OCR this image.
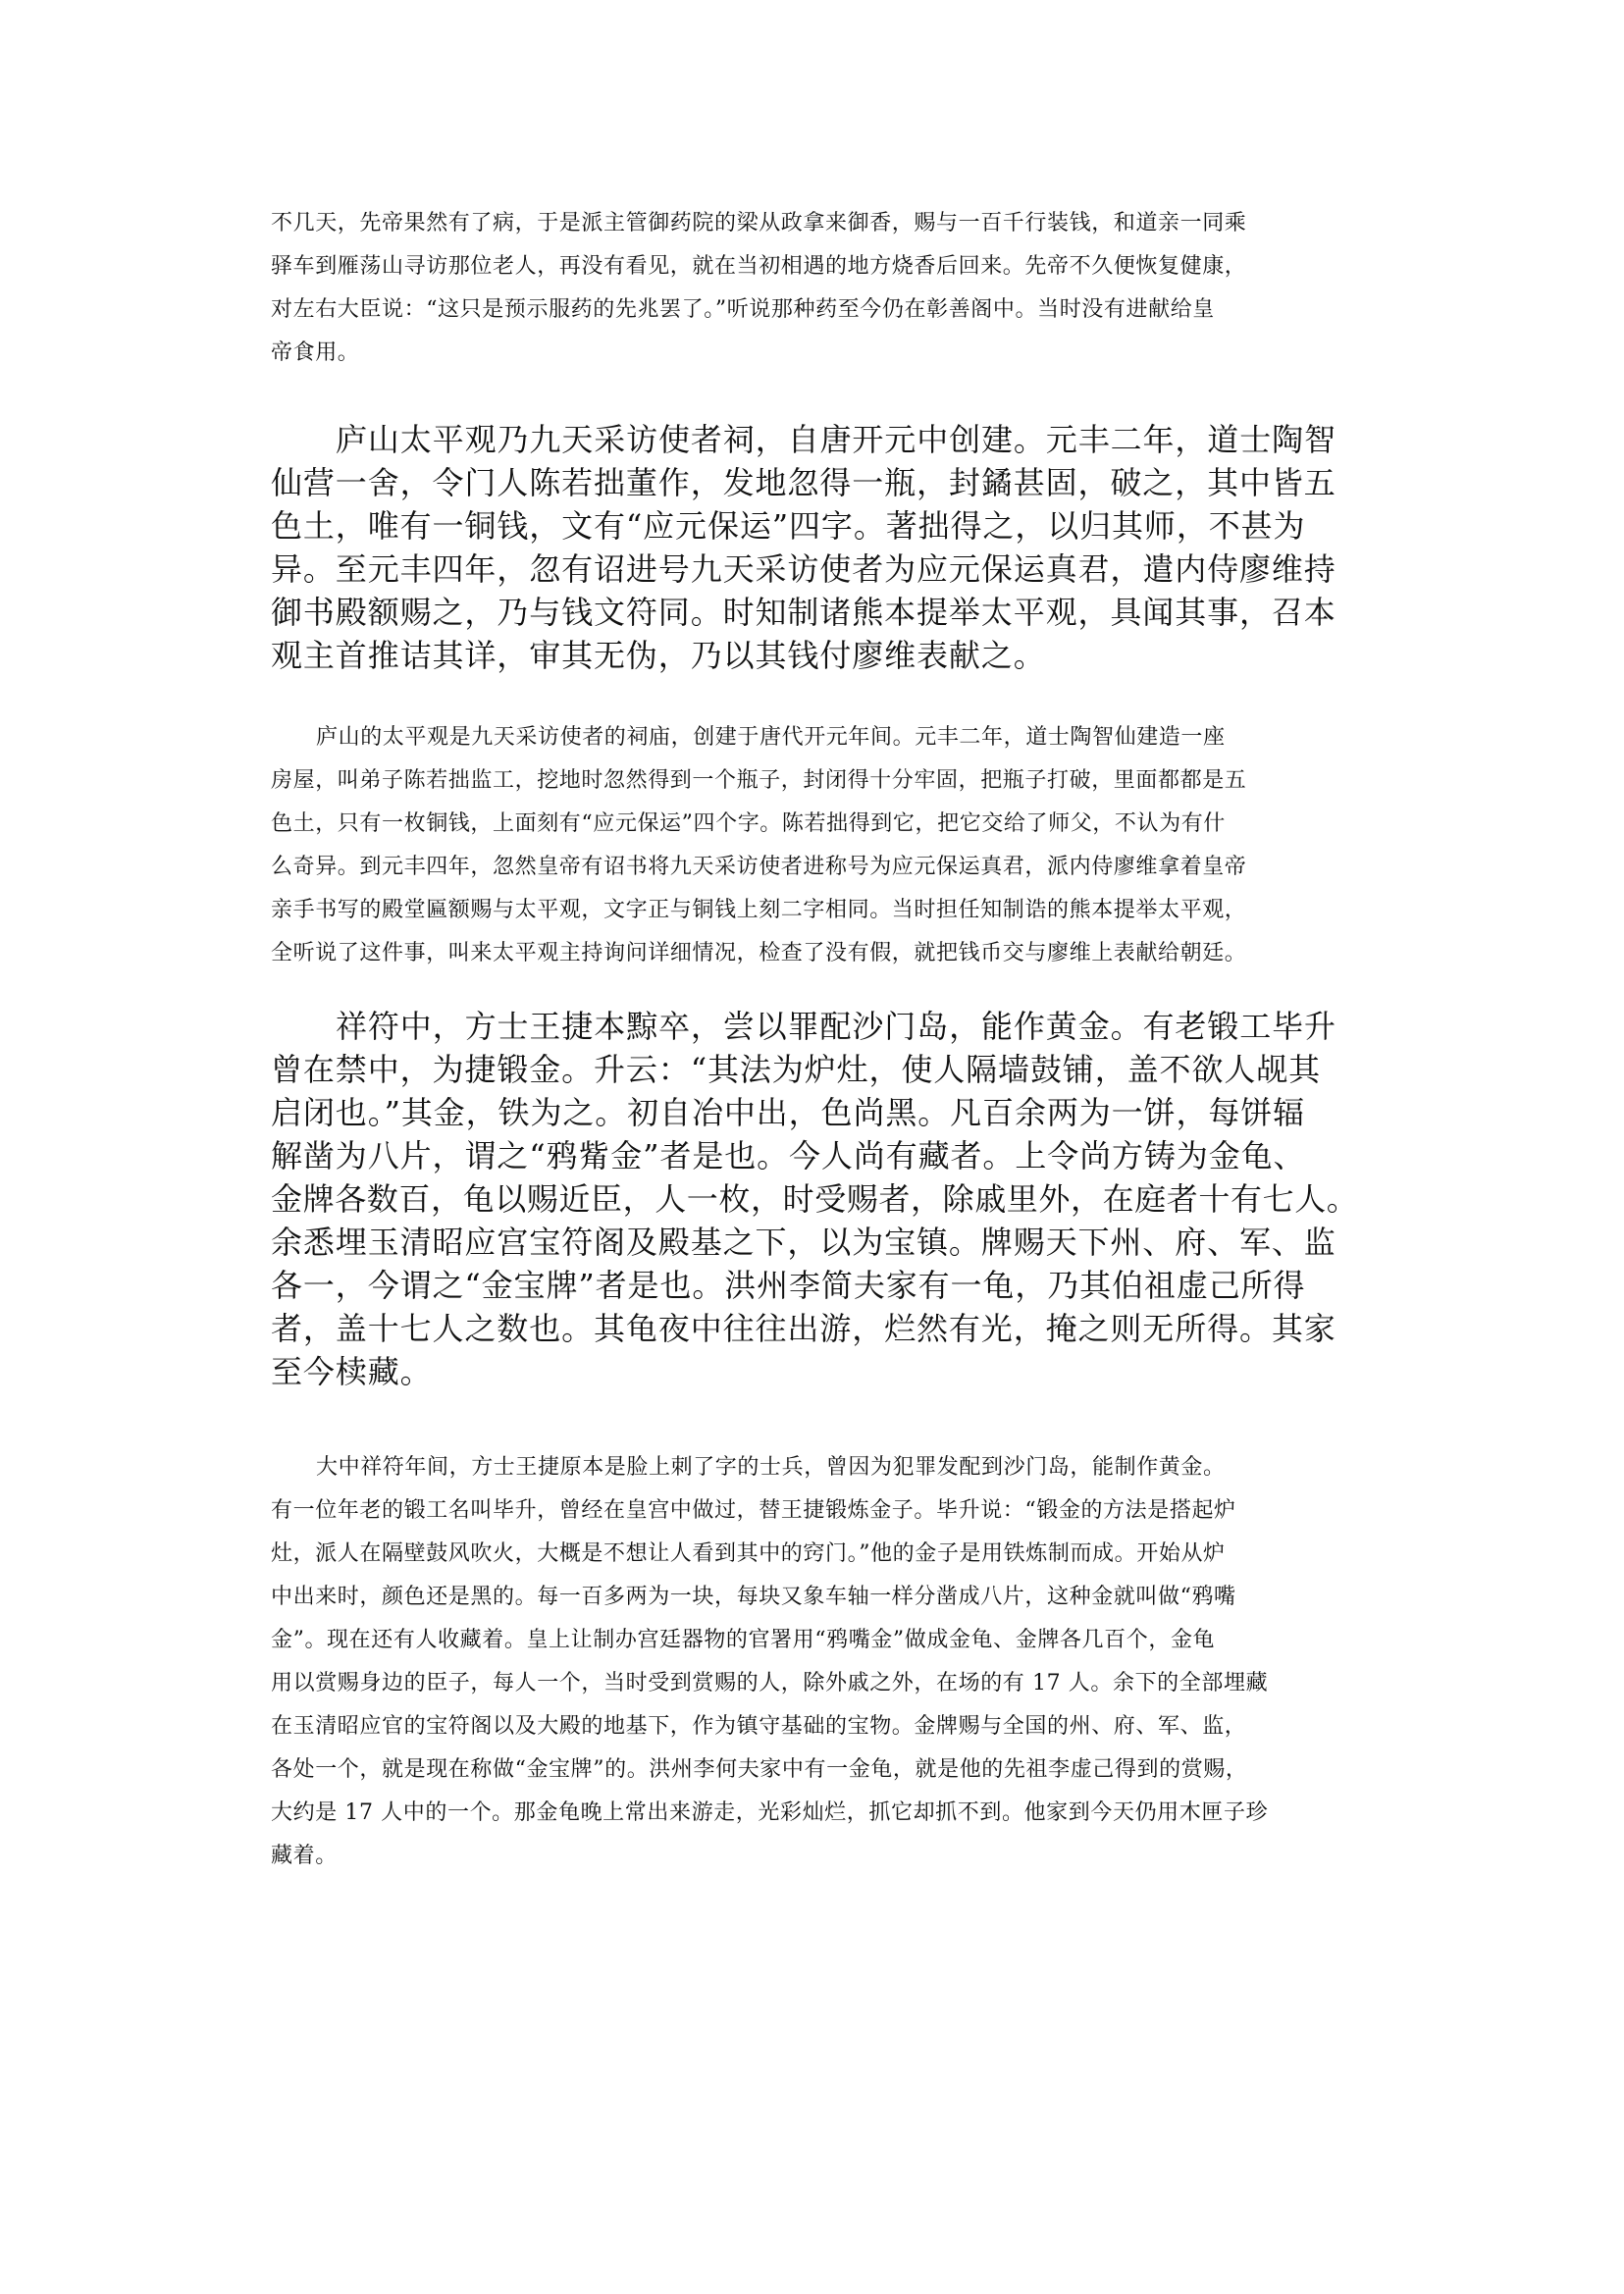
不几天，先帝果然有了病，于是派主管御药院的梁从政拿来御香，赐与一百千行装钱，和道亲一同乘
驿车到雁荡山寻访那位老人，再没有看见，就在当初相遇的地方烧香后回来。先帝不久便恢复健康，
对左右大臣说：“这只是预示服药的先兆罢了。”听说那种药至今仍在彰善阁中。当时没有进献给皇
帝食用。
庐山太平观乃九天采访使者祠，自唐开元中创建。元丰二年，道士陶智
仙营一舍，令门人陈若拙董作，发地忽得一瓶，封鐍甚固，破之，其中皆五
色土，唯有一铜钱，文有“应元保运”四字。著拙得之，以归其师，不甚为
异。至元丰四年，忽有诏进号九天采访使者为应元保运真君，遣内侍廖维持
御书殿额赐之，乃与钱文符同。时知制诸熊本提举太平观，具闻其事，召本
观主首推诘其详，审其无伪，乃以其钱付廖维表献之。
庐山的太平观是九天采访使者的祠庙，创建于唐代开元年间。元丰二年，道士陶智仙建造一座
房屋，叫弟子陈若拙监工，挖地时忽然得到一个瓶子，封闭得十分牢固，把瓶子打破，里面都都是五
色土，只有一枚铜钱，上面刻有“应元保运”四个字。陈若拙得到它，把它交给了师父，不认为有什
么奇异。到元丰四年，忽然皇帝有诏书将九天采访使者进称号为应元保运真君，派内侍廖维拿着皇帝
亲手书写的殿堂匾额赐与太平观，文字正与铜钱上刻二字相同。当时担任知制诰的熊本提举太平观，
全听说了这件事，叫来太平观主持询问详细情况，检查了没有假，就把钱币交与廖维上表献给朝廷。
祥符中，方士王捷本黥卒，尝以罪配沙门岛，能作黄金。有老锻工毕升
曾在禁中，为捷锻金。升云：“其法为炉灶，使人隔墙鼓铺，盖不欲人觇其
启闭也。”其金，铁为之。初自冶中出，色尚黑。凡百余两为一饼，每饼辐
解凿为八片，谓之“鸦觜金”者是也。今人尚有藏者。上令尚方铸为金龟、
金牌各数百，龟以赐近臣，人一枚，时受赐者，除戚里外，在庭者十有七人。
余悉埋玉清昭应宫宝符阁及殿基之下，以为宝镇。牌赐天下州、府、军、监
各一，今谓之“金宝牌”者是也。洪州李简夫家有一龟，乃其伯祖虚己所得
者，盖十七人之数也。其龟夜中往往出游，烂然有光，掩之则无所得。其家
至今椟藏。
大中祥符年间，方士王捷原本是脸上刺了字的士兵，曾因为犯罪发配到沙门岛，能制作黄金。
有一位年老的锻工名叫毕升，曾经在皇宫中做过，替王捷锻炼金子。毕升说：“锻金的方法是搭起炉
灶，派人在隔壁鼓风吹火，大概是不想让人看到其中的窍门。”他的金子是用铁炼制而成。开始从炉
中出来时，颜色还是黑的。每一百多两为一块，每块又象车轴一样分凿成八片，这种金就叫做“鸦嘴
金”。现在还有人收藏着。皇上让制办宫廷器物的官署用“鸦嘴金”做成金龟、金牌各几百个，金龟
用以赏赐身边的臣子，每人一个，当时受到赏赐的人，除外戚之外，在场的有 17 人。余下的全部埋藏
在玉清昭应官的宝符阁以及大殿的地基下，作为镇守基础的宝物。金牌赐与全国的州、府、军、监，
各处一个，就是现在称做“金宝牌”的。洪州李何夫家中有一金龟，就是他的先祖李虚己得到的赏赐，
大约是 17 人中的一个。那金龟晚上常出来游走，光彩灿烂，抓它却抓不到。他家到今天仍用木匣子珍
藏着。
